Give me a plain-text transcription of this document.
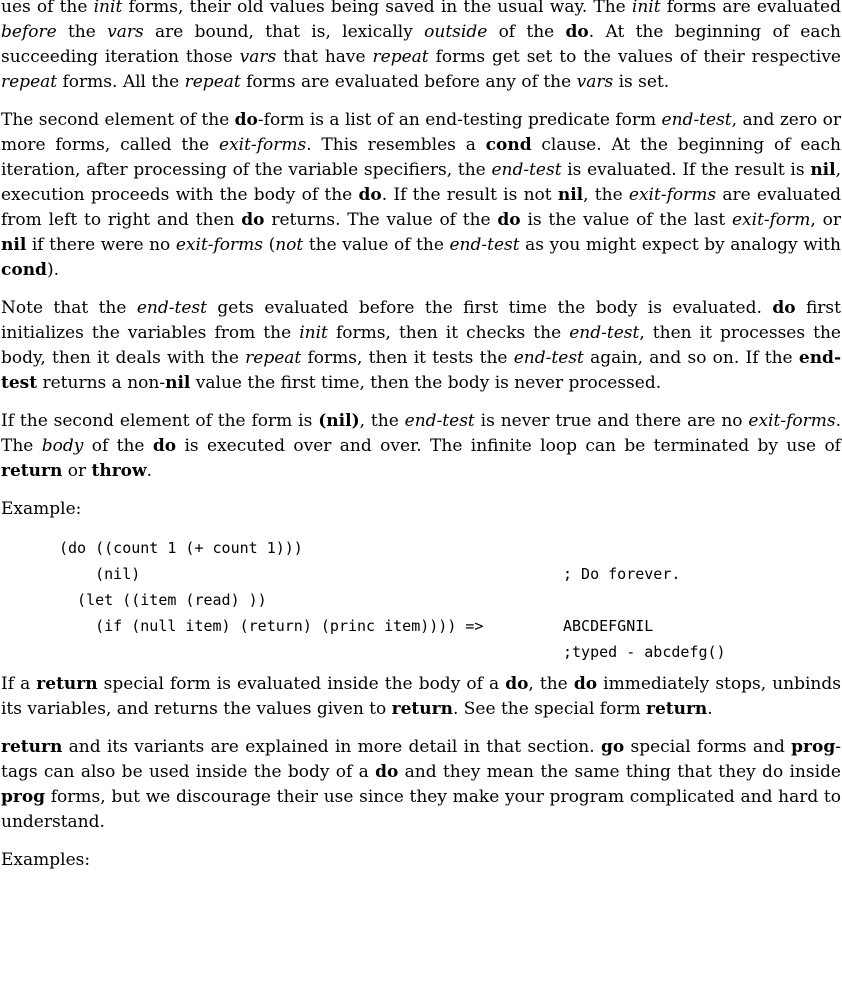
ues of the init forms, their old values being saved in the usual way. The init forms are evaluated before the vars are bound, that is, lexically outside of the do. At the beginning of each succeeding iteration those vars that have repeat forms get set to the values of their respective repeat forms. All the repeat forms are evaluated before any of the vars is set.

The second element of the do-form is a list of an end-testing predicate form end-test, and zero or more forms, called the exit-forms. This resembles a cond clause. At the beginning of each iteration, after processing of the variable specifiers, the end-test is evaluated. If the result is nil, execution proceeds with the body of the do. If the result is not nil, the exit-forms are evaluated from left to right and then do returns. The value of the do is the value of the last exit-form, or nil if there were no exit-forms (not the value of the end-test as you might expect by analogy with cond).

Note that the end-test gets evaluated before the first time the body is evaluated. do first initializes the variables from the init forms, then it checks the end-test, then it processes the body, then it deals with the repeat forms, then it tests the end-test again, and so on. If the end-test returns a non-nil value the first time, then the body is never processed.

If the second element of the form is (nil), the end-test is never true and there are no exit-forms. The body of the do is executed over and over. The infinite loop can be terminated by use of return or throw.

Example:

(do ((count 1 (+ count 1)))
(nil)	; Do forever.
(let ((item (read) ))
(if (null item) (return) (princ item)))) =>	ABCDEFGNIL
;typed - abcdefg()

If a return special form is evaluated inside the body of a do, the do immediately stops, unbinds its variables, and returns the values given to return. See the special form return.

return and its variants are explained in more detail in that section. go special forms and prog-tags can also be used inside the body of a do and they mean the same thing that they do inside prog forms, but we discourage their use since they make your program complicated and hard to understand.

Examples:
